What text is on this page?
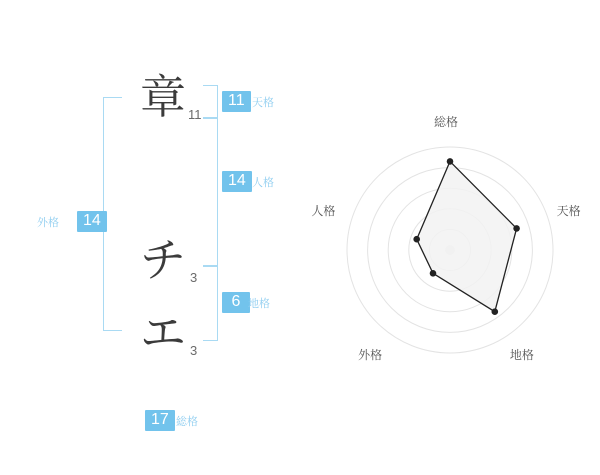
14
外格
章 11
チ 3
エ 3
11 天格
14 人格
6 地格
17 総格
総格
天格
地格
外格
人格
